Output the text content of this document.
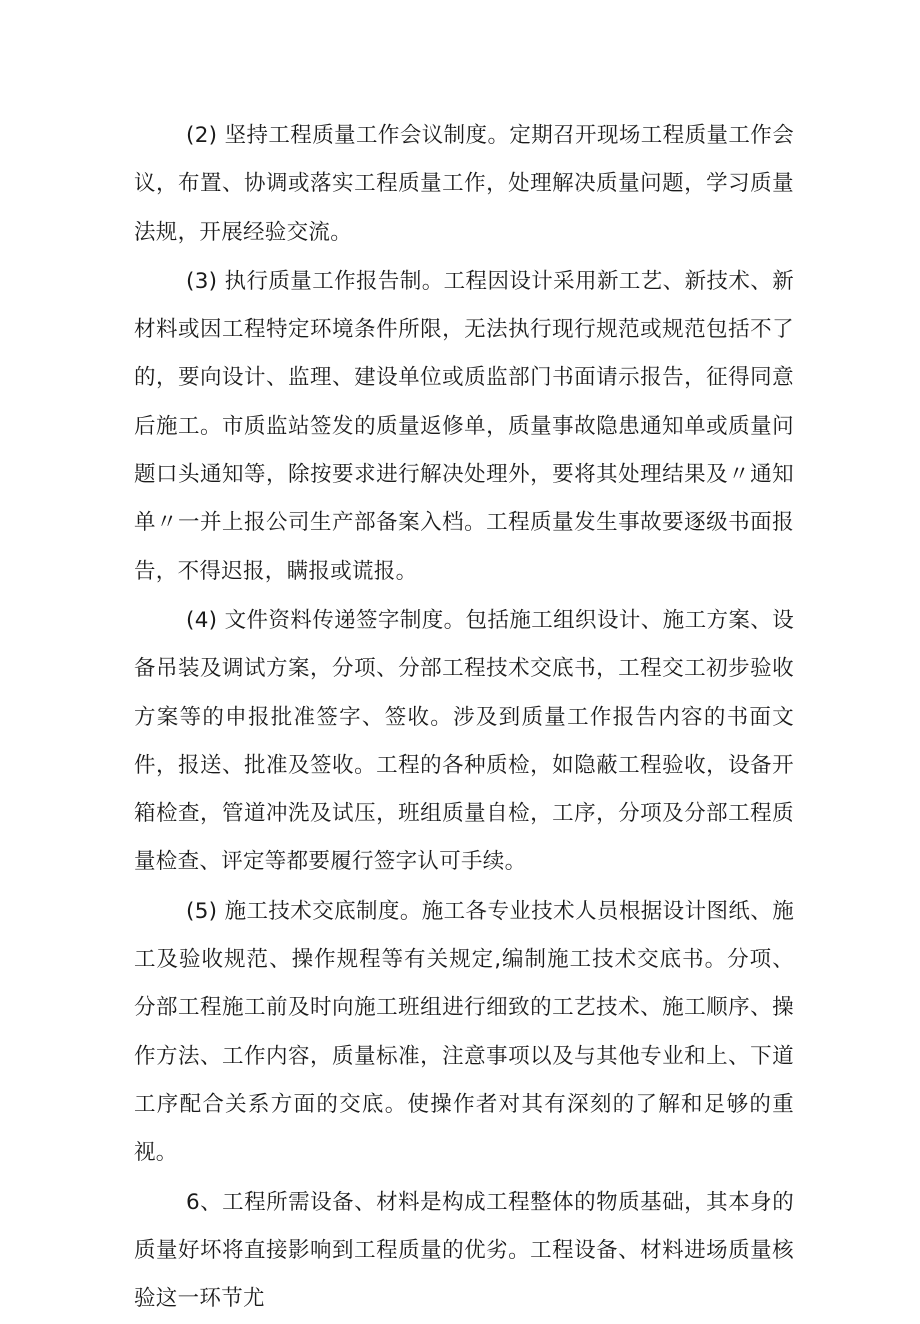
(2) 坚持工程质量工作会议制度。定期召开现场工程质量工作会议，布置、协调或落实工程质量工作，处理解决质量问题，学习质量法规，开展经验交流。

(3) 执行质量工作报告制。工程因设计采用新工艺、新技术、新材料或因工程特定环境条件所限，无法执行现行规范或规范包括不了的，要向设计、监理、建设单位或质监部门书面请示报告，征得同意后施工。市质监站签发的质量返修单，质量事故隐患通知单或质量问题口头通知等，除按要求进行解决处理外，要将其处理结果及〃通知单〃一并上报公司生产部备案入档。工程质量发生事故要逐级书面报告，不得迟报，瞒报或谎报。

(4) 文件资料传递签字制度。包括施工组织设计、施工方案、设备吊装及调试方案，分项、分部工程技术交底书，工程交工初步验收方案等的申报批准签字、签收。涉及到质量工作报告内容的书面文件，报送、批准及签收。工程的各种质检，如隐蔽工程验收，设备开箱检查，管道冲洗及试压，班组质量自检，工序，分项及分部工程质量检查、评定等都要履行签字认可手续。

(5) 施工技术交底制度。施工各专业技术人员根据设计图纸、施工及验收规范、操作规程等有关规定,编制施工技术交底书。分项、分部工程施工前及时向施工班组进行细致的工艺技术、施工顺序、操作方法、工作内容，质量标准，注意事项以及与其他专业和上、下道工序配合关系方面的交底。使操作者对其有深刻的了解和足够的重视。

6、工程所需设备、材料是构成工程整体的物质基础，其本身的质量好坏将直接影响到工程质量的优劣。工程设备、材料进场质量核验这一环节尤
